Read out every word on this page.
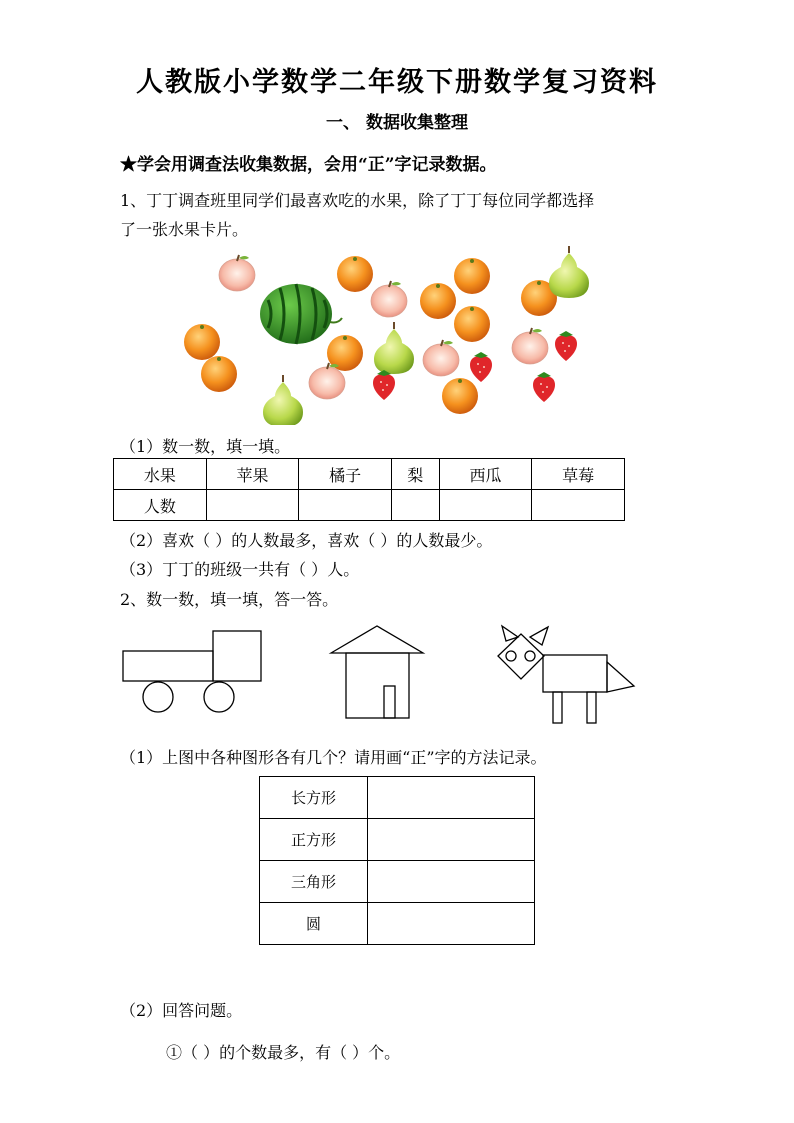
人教版小学数学二年级下册数学复习资料
一、 数据收集整理
★学会用调查法收集数据，会用“正”字记录数据。
1、丁丁调查班里同学们最喜欢吃的水果，除了丁丁每位同学都选择
了一张水果卡片。
（1）数一数，填一填。
水果	苹果	橘子	梨	西瓜	草莓
人数					
（2）喜欢（ ）的人数最多，喜欢（ ）的人数最少。
（3）丁丁的班级一共有（ ）人。
2、数一数，填一填，答一答。
（1）上图中各种图形各有几个？请用画“正”字的方法记录。
长方形	
正方形	
三角形	
圆	
（2）回答问题。
①（ ）的个数最多，有（ ）个。
